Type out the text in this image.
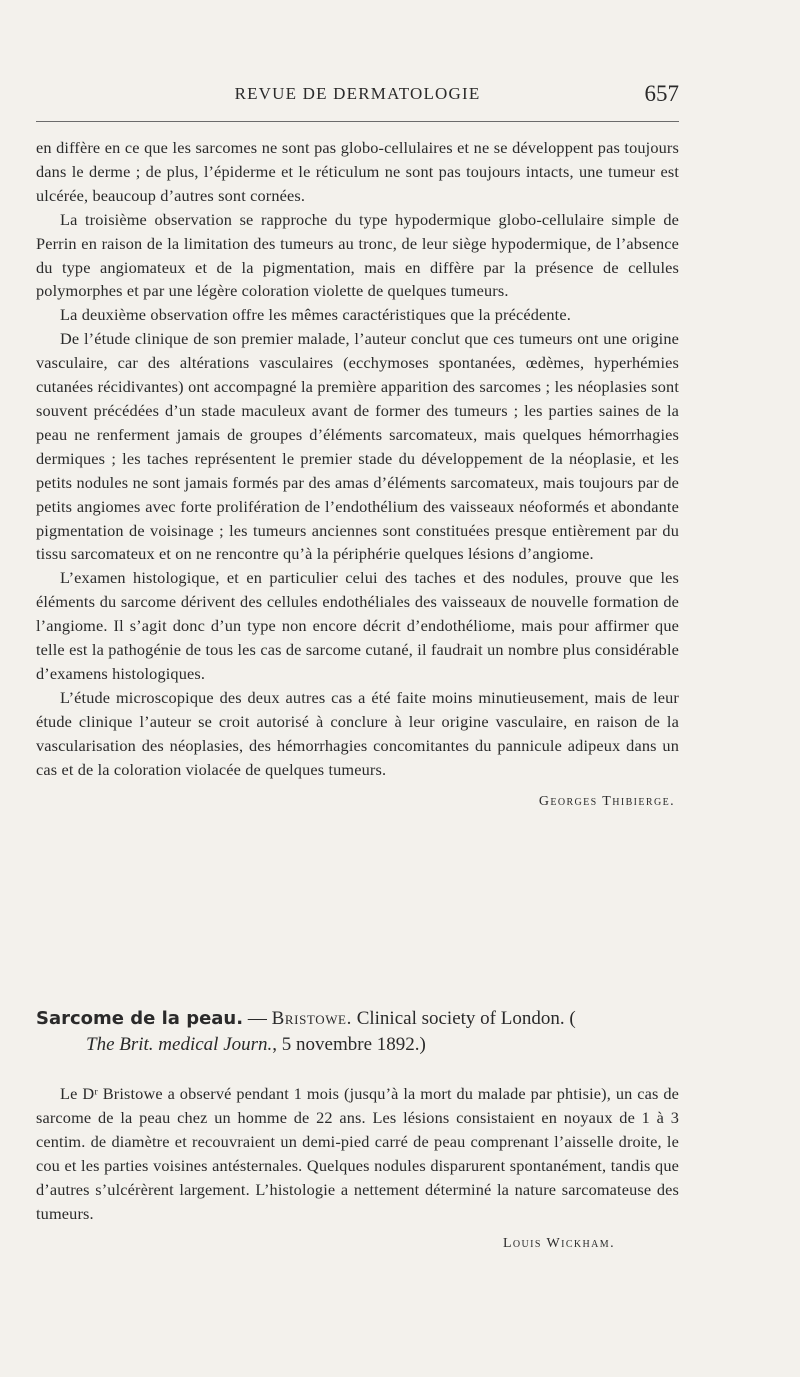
REVUE DE DERMATOLOGIE	657

en diffère en ce que les sarcomes ne sont pas globo-cellulaires et ne se développent pas toujours dans le derme ; de plus, l’épiderme et le réticulum ne sont pas toujours intacts, une tumeur est ulcérée, beaucoup d’autres sont cornées.

La troisième observation se rapproche du type hypodermique globo-cellulaire simple de Perrin en raison de la limitation des tumeurs au tronc, de leur siège hypodermique, de l’absence du type angiomateux et de la pigmentation, mais en diffère par la présence de cellules polymorphes et par une légère coloration violette de quelques tumeurs.

La deuxième observation offre les mêmes caractéristiques que la précédente.

De l’étude clinique de son premier malade, l’auteur conclut que ces tumeurs ont une origine vasculaire, car des altérations vasculaires (ecchymoses spontanées, œdèmes, hyperhémies cutanées récidivantes) ont accompagné la première apparition des sarcomes ; les néoplasies sont souvent précédées d’un stade maculeux avant de former des tumeurs ; les parties saines de la peau ne renferment jamais de groupes d’éléments sarcomateux, mais quelques hémorrhagies dermiques ; les taches représentent le premier stade du développement de la néoplasie, et les petits nodules ne sont jamais formés par des amas d’éléments sarcomateux, mais toujours par de petits angiomes avec forte prolifération de l’endothélium des vaisseaux néoformés et abondante pigmentation de voisinage ; les tumeurs anciennes sont constituées presque entièrement par du tissu sarcomateux et on ne rencontre qu’à la périphérie quelques lésions d’angiome.

L’examen histologique, et en particulier celui des taches et des nodules, prouve que les éléments du sarcome dérivent des cellules endothéliales des vaisseaux de nouvelle formation de l’angiome. Il s’agit donc d’un type non encore décrit d’endothéliome, mais pour affirmer que telle est la pathogénie de tous les cas de sarcome cutané, il faudrait un nombre plus considérable d’examens histologiques.

L’étude microscopique des deux autres cas a été faite moins minutieusement, mais de leur étude clinique l’auteur se croit autorisé à conclure à leur origine vasculaire, en raison de la vascularisation des néoplasies, des hémorrhagies concomitantes du pannicule adipeux dans un cas et de la coloration violacée de quelques tumeurs.

Georges Thibierge.
Sarcome de la peau. — Bristowe. Clinical society of London. (
The Brit. medical Journ., 5 novembre 1892.)

Le Dʳ Bristowe a observé pendant 1 mois (jusqu’à la mort du malade par phtisie), un cas de sarcome de la peau chez un homme de 22 ans. Les lésions consistaient en noyaux de 1 à 3 centim. de diamètre et recouvraient un demi-pied carré de peau comprenant l’aisselle droite, le cou et les parties voisines antésternales. Quelques nodules disparurent spontanément, tandis que d’autres s’ulcérèrent largement. L’histologie a nettement déterminé la nature sarcomateuse des tumeurs.

Louis Wickham.
